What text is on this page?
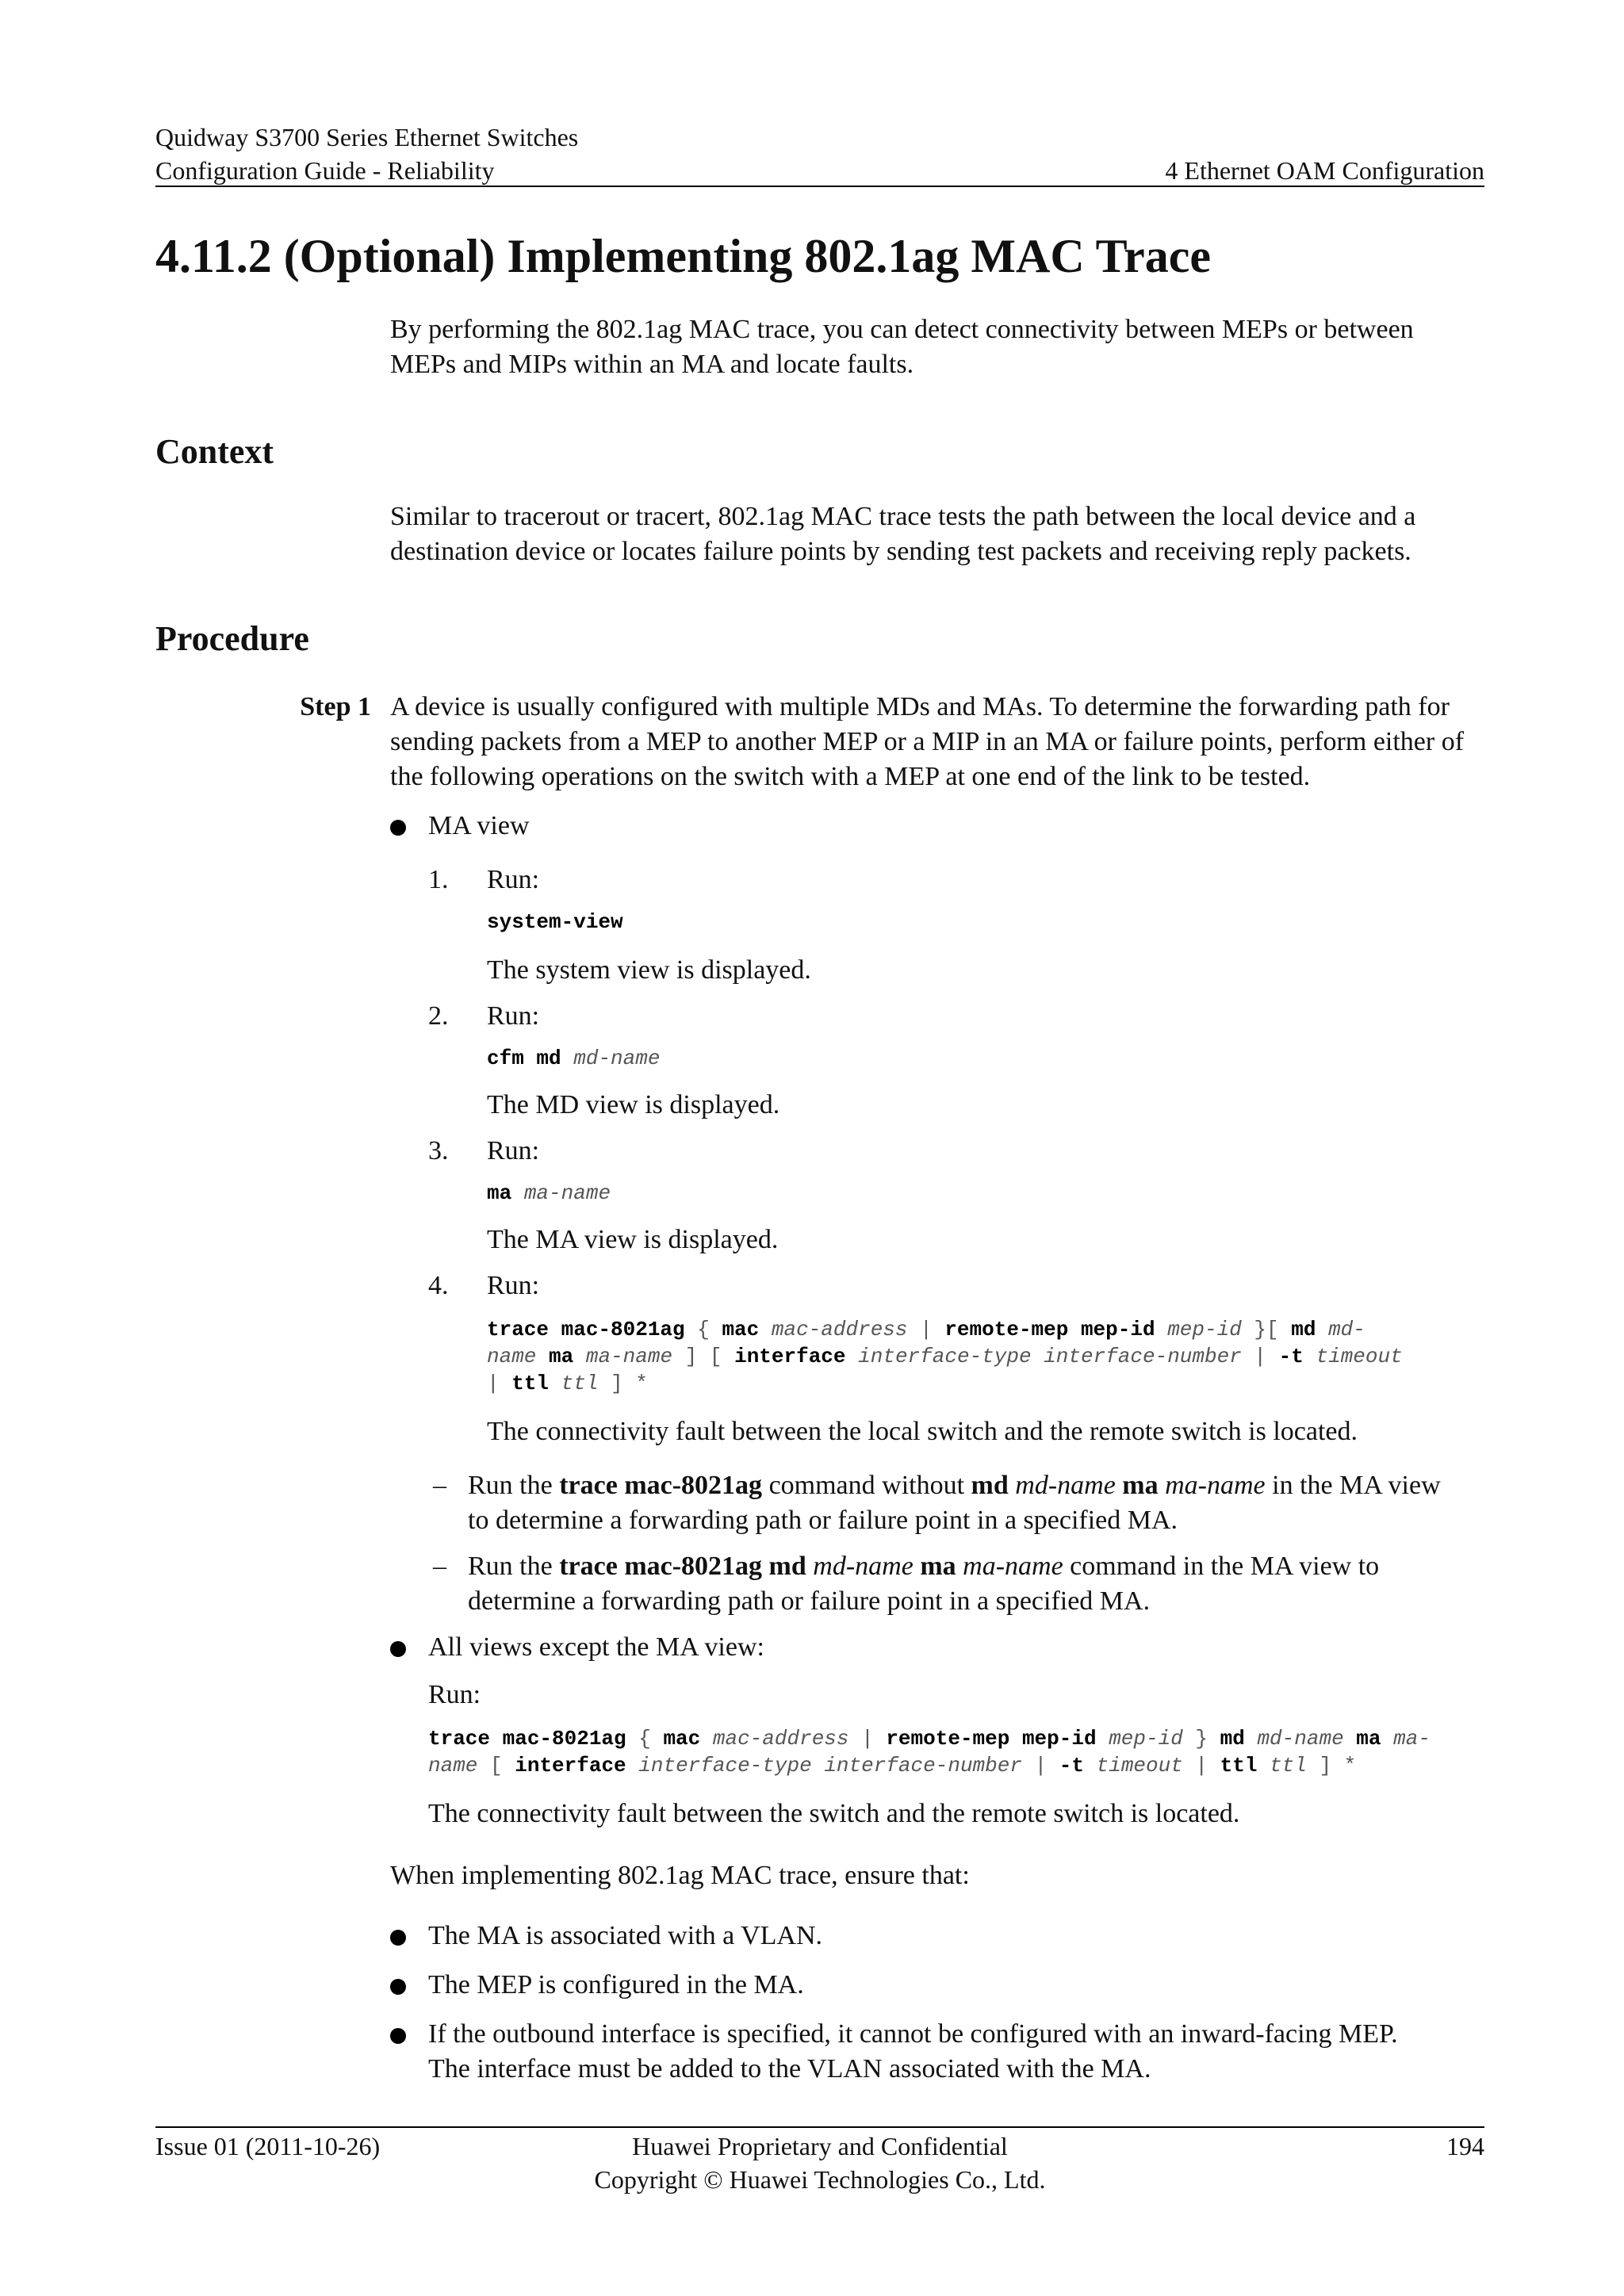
Quidway S3700 Series Ethernet Switches
Configuration Guide - Reliability	4 Ethernet OAM Configuration
4.11.2 (Optional) Implementing 802.1ag MAC Trace
By performing the 802.1ag MAC trace, you can detect connectivity between MEPs or between MEPs and MIPs within an MA and locate faults.
Context
Similar to tracerout or tracert, 802.1ag MAC trace tests the path between the local device and a destination device or locates failure points by sending test packets and receiving reply packets.
Procedure
Step 1 A device is usually configured with multiple MDs and MAs. To determine the forwarding path for sending packets from a MEP to another MEP or a MIP in an MA or failure points, perform either of the following operations on the switch with a MEP at one end of the link to be tested.
MA view
1. Run:
system-view
The system view is displayed.
2. Run:
cfm md md-name
The MD view is displayed.
3. Run:
ma ma-name
The MA view is displayed.
4. Run:
trace mac-8021ag { mac mac-address | remote-mep mep-id mep-id }[ md md-
name ma ma-name ] [ interface interface-type interface-number | -t timeout
| ttl ttl ] *
The connectivity fault between the local switch and the remote switch is located.
– Run the trace mac-8021ag command without md md-name ma ma-name in the MA view
to determine a forwarding path or failure point in a specified MA.
– Run the trace mac-8021ag md md-name ma ma-name command in the MA view to
determine a forwarding path or failure point in a specified MA.
All views except the MA view:
Run:
trace mac-8021ag { mac mac-address | remote-mep mep-id mep-id } md md-name ma ma-
name [ interface interface-type interface-number | -t timeout | ttl ttl ] *
The connectivity fault between the switch and the remote switch is located.
When implementing 802.1ag MAC trace, ensure that:
The MA is associated with a VLAN.
The MEP is configured in the MA.
If the outbound interface is specified, it cannot be configured with an inward-facing MEP.
The interface must be added to the VLAN associated with the MA.
Issue 01 (2011-10-26)	Huawei Proprietary and Confidential
Copyright © Huawei Technologies Co., Ltd.
194
